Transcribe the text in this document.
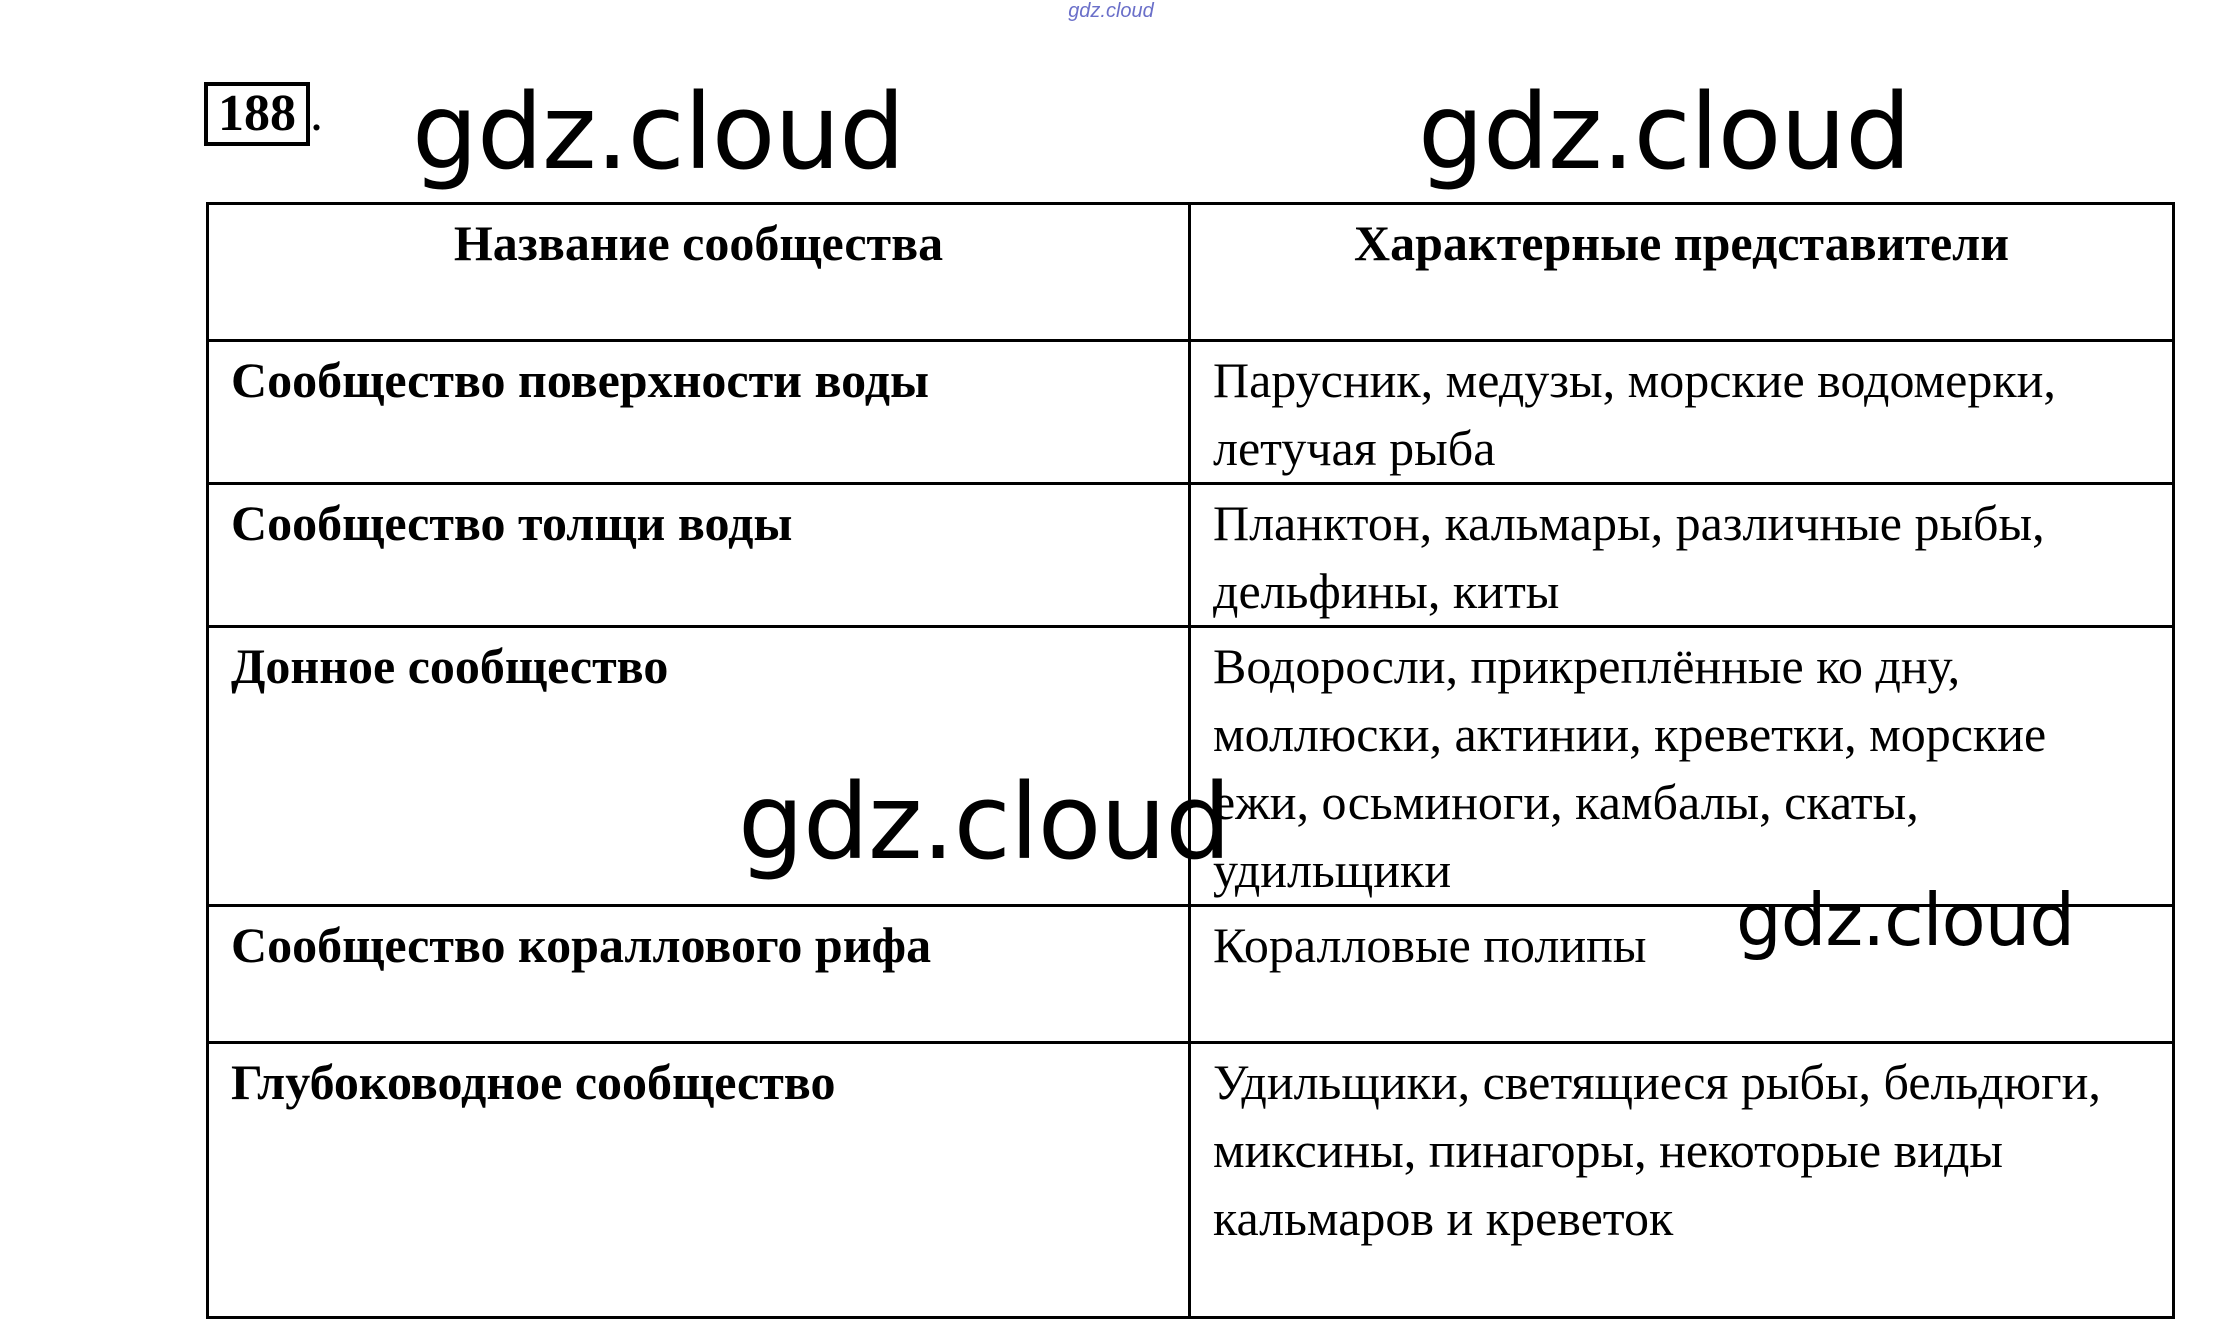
gdz.cloud
188 . gdz.cloud	gdz.cloud
Название сообщества	Характерные представители
Сообщество поверхности воды	Парусник, медузы, морские водомерки, летучая рыба
Сообщество толщи воды	Планктон, кальмары, различные рыбы, дельфины, киты
Донное сообщество	Водоросли, прикреплённые ко дну, моллюски, актинии, креветки, морские ежи, осьминоги, камбалы, скаты, удильщики
Сообщество кораллового рифа	Коралловые полипы
Глубоководное сообщество	Удильщики, светящиеся рыбы, бельдюги, миксины, пинагоры, некоторые виды кальмаров и креветок
gdz.cloud
gdz.cloud
